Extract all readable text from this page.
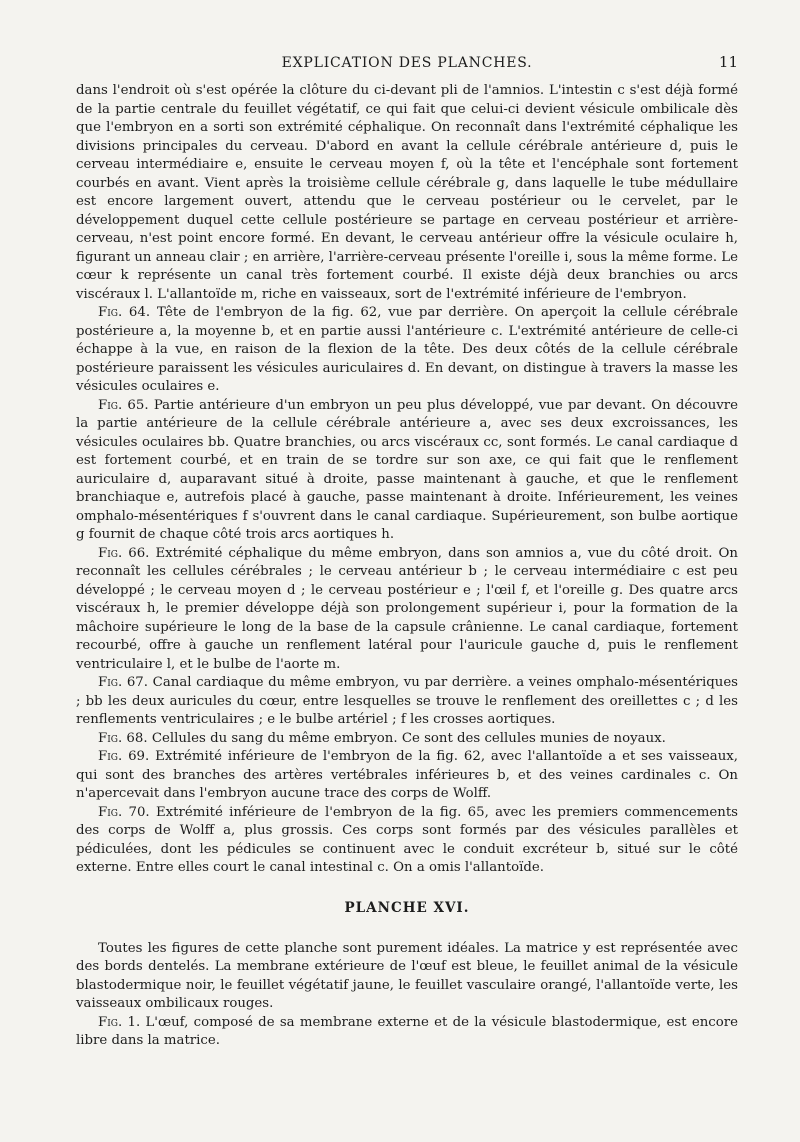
EXPLICATION DES PLANCHES.	11

dans l'endroit où s'est opérée la clôture du ci-devant pli de l'amnios. L'intestin c s'est déjà formé de la partie centrale du feuillet végétatif, ce qui fait que celui-ci devient vésicule ombilicale dès que l'embryon en a sorti son extrémité céphalique. On reconnaît dans l'extrémité céphalique les divisions principales du cerveau. D'abord en avant la cellule cérébrale antérieure d, puis le cerveau intermédiaire e, ensuite le cerveau moyen f, où la tête et l'encéphale sont fortement courbés en avant. Vient après la troisième cellule cérébrale g, dans laquelle le tube médullaire est encore largement ouvert, attendu que le cerveau postérieur ou le cervelet, par le développement duquel cette cellule postérieure se partage en cerveau postérieur et arrière-cerveau, n'est point encore formé. En devant, le cerveau antérieur offre la vésicule oculaire h, figurant un anneau clair ; en arrière, l'arrière-cerveau présente l'oreille i, sous la même forme. Le cœur k représente un canal très fortement courbé. Il existe déjà deux branchies ou arcs viscéraux l. L'allantoïde m, riche en vaisseaux, sort de l'extrémité inférieure de l'embryon.

Fig. 64. Tête de l'embryon de la fig. 62, vue par derrière. On aperçoit la cellule cérébrale postérieure a, la moyenne b, et en partie aussi l'antérieure c. L'extrémité antérieure de celle-ci échappe à la vue, en raison de la flexion de la tête. Des deux côtés de la cellule cérébrale postérieure paraissent les vésicules auriculaires d. En devant, on distingue à travers la masse les vésicules oculaires e.

Fig. 65. Partie antérieure d'un embryon un peu plus développé, vue par devant. On découvre la partie antérieure de la cellule cérébrale antérieure a, avec ses deux excroissances, les vésicules oculaires bb. Quatre branchies, ou arcs viscéraux cc, sont formés. Le canal cardiaque d est fortement courbé, et en train de se tordre sur son axe, ce qui fait que le renflement auriculaire d, auparavant situé à droite, passe maintenant à gauche, et que le renflement branchiaque e, autrefois placé à gauche, passe maintenant à droite. Inférieurement, les veines omphalo-mésentériques f s'ouvrent dans le canal cardiaque. Supérieurement, son bulbe aortique g fournit de chaque côté trois arcs aortiques h.

Fig. 66. Extrémité céphalique du même embryon, dans son amnios a, vue du côté droit. On reconnaît les cellules cérébrales ; le cerveau antérieur b ; le cerveau intermédiaire c est peu développé ; le cerveau moyen d ; le cerveau postérieur e ; l'œil f, et l'oreille g. Des quatre arcs viscéraux h, le premier développe déjà son prolongement supérieur i, pour la formation de la mâchoire supérieure le long de la base de la capsule crânienne. Le canal cardiaque, fortement recourbé, offre à gauche un renflement latéral pour l'auricule gauche d, puis le renflement ventriculaire l, et le bulbe de l'aorte m.

Fig. 67. Canal cardiaque du même embryon, vu par derrière. a veines omphalo-mésentériques ; bb les deux auricules du cœur, entre lesquelles se trouve le renflement des oreillettes c ; d les renflements ventriculaires ; e le bulbe artériel ; f les crosses aortiques.

Fig. 68. Cellules du sang du même embryon. Ce sont des cellules munies de noyaux.

Fig. 69. Extrémité inférieure de l'embryon de la fig. 62, avec l'allantoïde a et ses vaisseaux, qui sont des branches des artères vertébrales inférieures b, et des veines cardinales c. On n'apercevait dans l'embryon aucune trace des corps de Wolff.

Fig. 70. Extrémité inférieure de l'embryon de la fig. 65, avec les premiers commencements des corps de Wolff a, plus grossis. Ces corps sont formés par des vésicules parallèles et pédiculées, dont les pédicules se continuent avec le conduit excréteur b, situé sur le côté externe. Entre elles court le canal intestinal c. On a omis l'allantoïde.

PLANCHE XVI.

Toutes les figures de cette planche sont purement idéales. La matrice y est représentée avec des bords dentelés. La membrane extérieure de l'œuf est bleue, le feuillet animal de la vésicule blastodermique noir, le feuillet végétatif jaune, le feuillet vasculaire orangé, l'allantoïde verte, les vaisseaux ombilicaux rouges.

Fig. 1. L'œuf, composé de sa membrane externe et de la vésicule blastodermique, est encore libre dans la matrice.
